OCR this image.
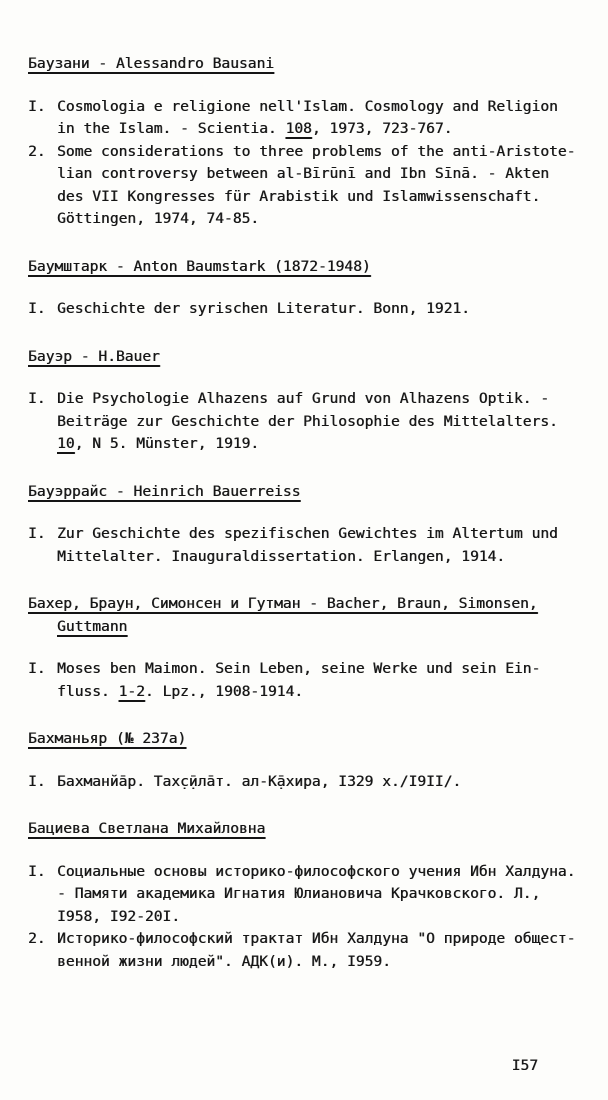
Баузани - Alessandro Bausani
I. Cosmologia e religione nell'Islam. Cosmology and Religion
in the Islam. - Scientia. 108, 1973, 723-767.
2. Some considerations to three problems of the anti-Aristote-
lian controversy between al-Bīrūnī and Ibn Sīnā. - Akten
des VII Kongresses für Arabistik und Islamwissenschaft.
Göttingen, 1974, 74-85.
Баумштарк - Anton Baumstark (1872-1948)
I. Geschichte der syrischen Literatur. Bonn, 1921.
Бауэр - H.Bauer
I. Die Psychologie Alhazens auf Grund von Alhazens Optik. -
Beiträge zur Geschichte der Philosophie des Mittelalters.
10, N 5. Münster, 1919.
Бауэррайс - Heinrich Bauerreiss
I. Zur Geschichte des spezifischen Gewichtes im Altertum und
Mittelalter. Inauguraldissertation. Erlangen, 1914.
Бахер, Браун, Симонсен и Гутман - Bacher, Braun, Simonsen,
Guttmann
I. Moses ben Maimon. Sein Leben, seine Werke und sein Ein-
fluss. 1-2. Lpz., 1908-1914.
Бахманьяр (№ 237а)
I. Бахманйа̄р. Тах̣с̣ӣла̄т. ал-К̣а̄хира, I329 х./I9II/.
Бациева Светлана Михайловна
I. Социальные основы историко-философского учения Ибн Халдуна.
- Памяти академика Игнатия Юлиановича Крачковского. Л.,
I958, I92-20I.
2. Историко-философский трактат Ибн Халдуна "О природе общест-
венной жизни людей". АДК(и). М., I959.

I57
